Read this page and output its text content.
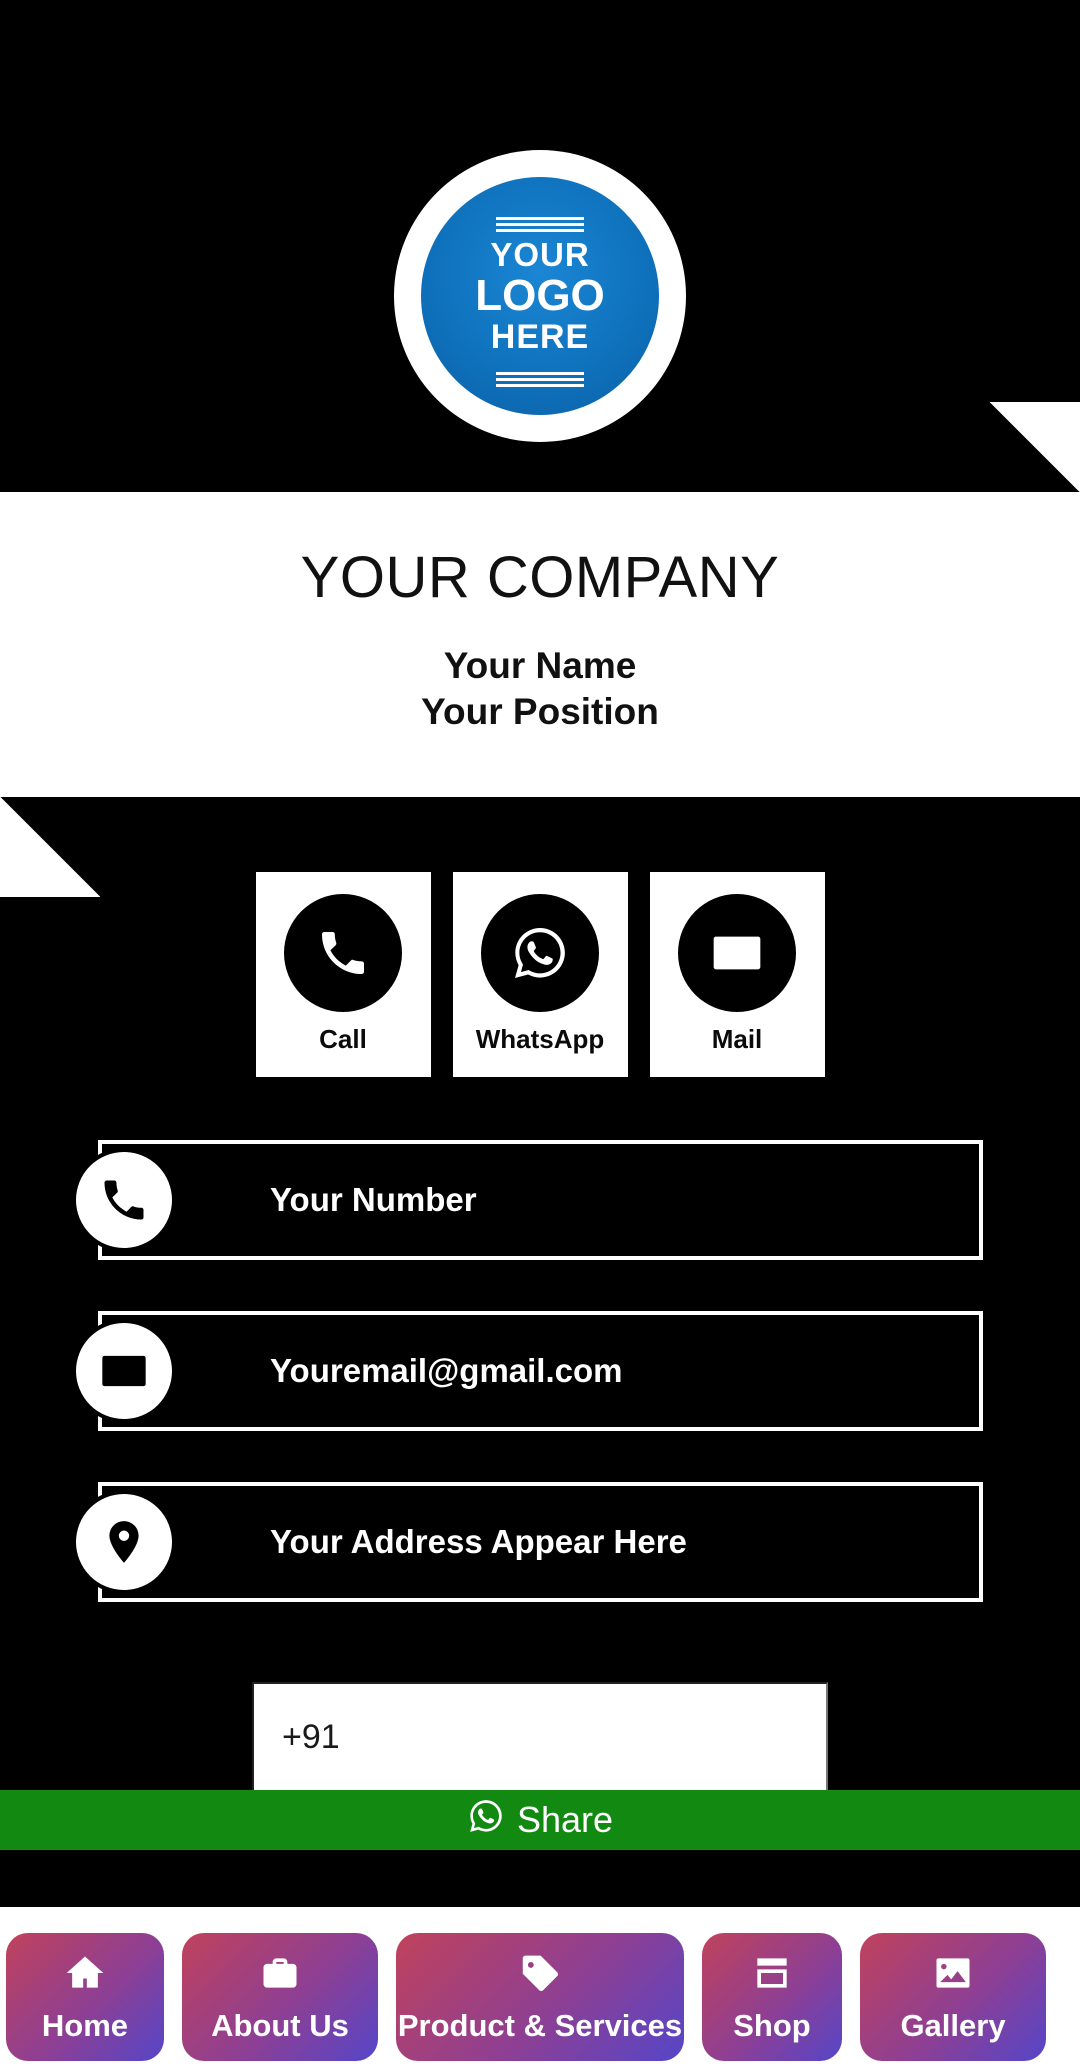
YOUR
LOGO
HERE
YOUR COMPANY
Your Name
Your Position
Call	WhatsApp	Mail
Your Number
Youremail@gmail.com
Your Address Appear Here
+91
Share
Home	About Us Product & Services Shop	Gallery
